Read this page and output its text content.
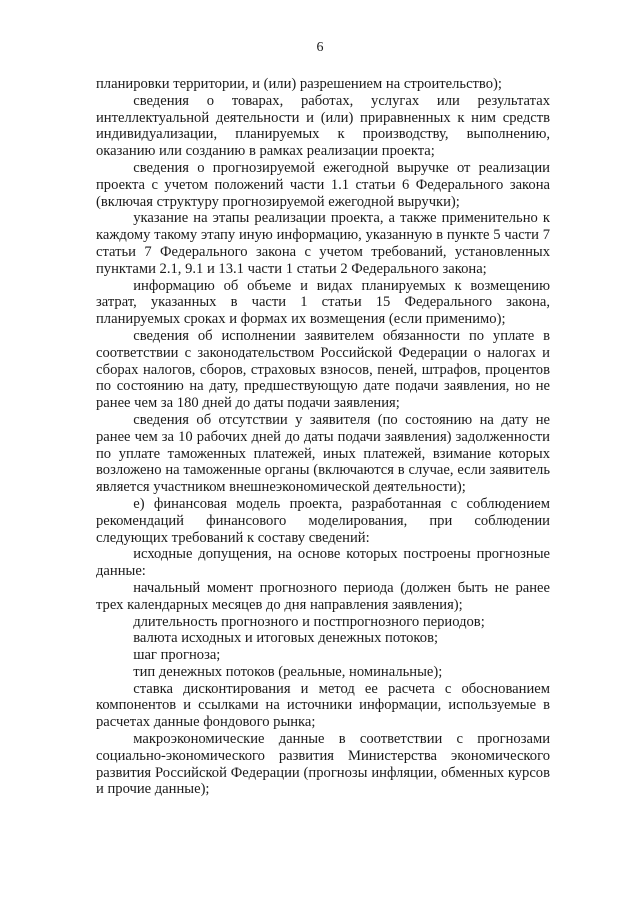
6

планировки территории, и (или) разрешением на строительство);

сведения о товарах, работах, услугах или результатах интеллектуальной деятельности и (или) приравненных к ним средств индивидуализации, планируемых к производству, выполнению, оказанию или созданию в рамках реализации проекта;

сведения о прогнозируемой ежегодной выручке от реализации проекта с учетом положений части 1.1 статьи 6 Федерального закона (включая структуру прогнозируемой ежегодной выручки);

указание на этапы реализации проекта, а также применительно к каждому такому этапу иную информацию, указанную в пункте 5 части 7 статьи 7 Федерального закона с учетом требований, установленных пунктами 2.1, 9.1 и 13.1 части 1 статьи 2 Федерального закона;

информацию об объеме и видах планируемых к возмещению затрат, указанных в части 1 статьи 15 Федерального закона, планируемых сроках и формах их возмещения (если применимо);

сведения об исполнении заявителем обязанности по уплате в соответствии с законодательством Российской Федерации о налогах и сборах налогов, сборов, страховых взносов, пеней, штрафов, процентов по состоянию на дату, предшествующую дате подачи заявления, но не ранее чем за 180 дней до даты подачи заявления;

сведения об отсутствии у заявителя (по состоянию на дату не ранее чем за 10 рабочих дней до даты подачи заявления) задолженности по уплате таможенных платежей, иных платежей, взимание которых возложено на таможенные органы (включаются в случае, если заявитель является участником внешнеэкономической деятельности);

е) финансовая модель проекта, разработанная с соблюдением рекомендаций финансового моделирования, при соблюдении следующих требований к составу сведений:

исходные допущения, на основе которых построены прогнозные данные:

начальный момент прогнозного периода (должен быть не ранее трех календарных месяцев до дня направления заявления);

длительность прогнозного и постпрогнозного периодов;

валюта исходных и итоговых денежных потоков;

шаг прогноза;

тип денежных потоков (реальные, номинальные);

ставка дисконтирования и метод ее расчета с обоснованием компонентов и ссылками на источники информации, используемые в расчетах данные фондового рынка;

макроэкономические данные в соответствии с прогнозами социально-экономического развития Министерства экономического развития Российской Федерации (прогнозы инфляции, обменных курсов и прочие данные);
